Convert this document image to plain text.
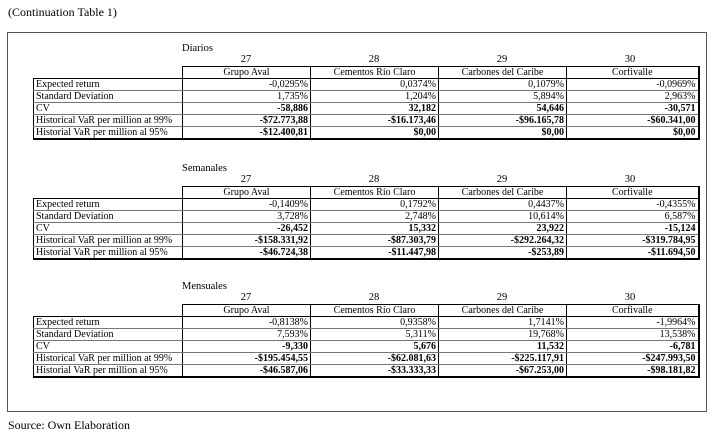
(Continuation Table 1)
Diarios
27	28	29	30
	Grupo Aval	Cementos Río Claro	Carbones del Caribe	Corfivalle
Expected return	-0,0295%	0,0374%	0,1079%	-0,0969%
Standard Deviation	1,735%	1,204%	5,894%	2,963%
CV	-58,886	32,182	54,646	-30,571
Historical VaR per million at 99%	-$72.773,88	-$16.173,46	-$96.165,78	-$60.341,00
Historial VaR per million al 95%	-$12.400,81	$0,00	$0,00	$0,00
Semanales
27	28	29	30
	Grupo Aval	Cementos Río Claro	Carbones del Caribe	Corfivalle
Expected return	-0,1409%	0,1792%	0,4437%	-0,4355%
Standard Deviation	3,728%	2,748%	10,614%	6,587%
CV	-26,452	15,332	23,922	-15,124
Historical VaR per million at 99%	-$158.331,92	-$87.303,79	-$292.264,32	-$319.784,95
Historial VaR per million al 95%	-$46.724,38	-$11.447,98	-$253,89	-$11.694,50
Mensuales
27	28	29	30
	Grupo Aval	Cementos Río Claro	Carbones del Caribe	Corfivalle
Expected return	-0,8138%	0,9358%	1,7141%	-1,9964%
Standard Deviation	7,593%	5,311%	19,768%	13,538%
CV	-9,330	5,676	11,532	-6,781
Historical VaR per million at 99%	-$195.454,55	-$62.081,63	-$225.117,91	-$247.993,50
Historial VaR per million al 95%	-$46.587,06	-$33.333,33	-$67.253,00	-$98.181,82
Source: Own Elaboration
